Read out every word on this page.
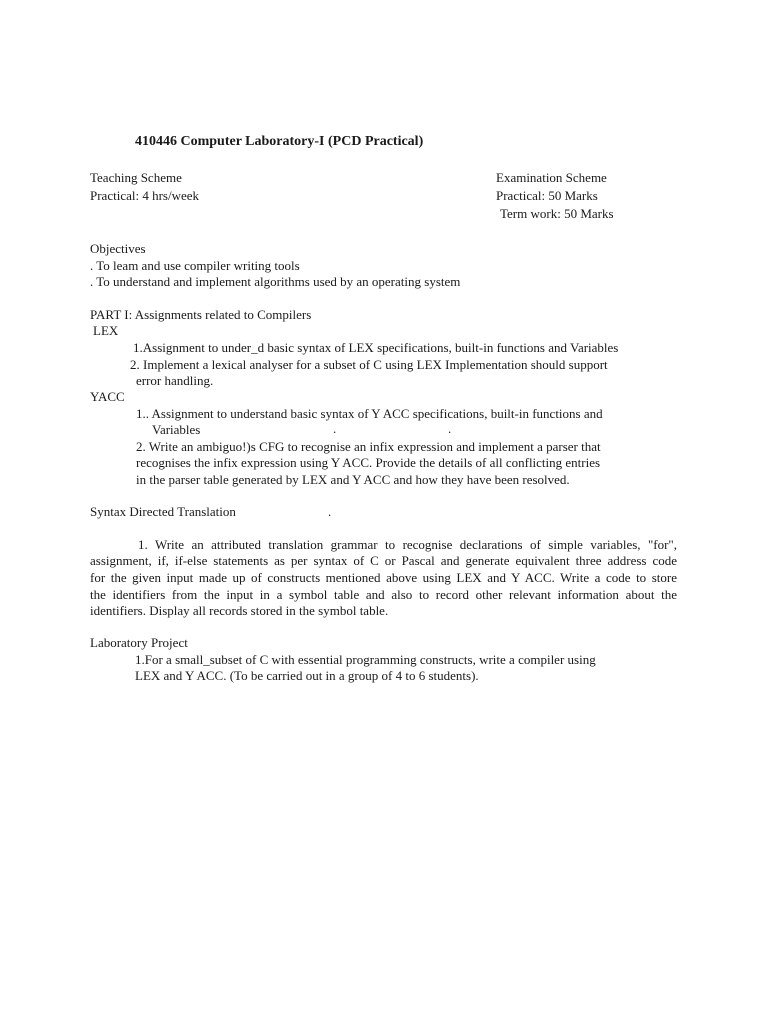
410446 Computer Laboratory-I (PCD Practical)
Teaching Scheme
Practical: 4 hrs/week
Examination Scheme
Practical: 50 Marks
Term work: 50 Marks
Objectives
. To leam and use compiler writing tools
. To understand and implement algorithms used by an operating system
PART I: Assignments related to Compilers
LEX
1.Assignment to under_d basic syntax of LEX specifications, built-in functions and Variables
2. Implement a lexical analyser for a subset of C using LEX Implementation should support
error handling.
YACC
1.. Assignment to understand basic syntax of Y ACC specifications, built-in functions and
Variables	.	.
2. Write an ambiguo!)s CFG to recognise an infix expression and implement a parser that
recognises the infix expression using Y ACC. Provide the details of all conflicting entries
in the parser table generated by LEX and Y ACC and how they have been resolved.
Syntax Directed Translation	.
1. Write an attributed translation grammar to recognise declarations of simple variables, "for",
assignment, if, if-else statements as per syntax of C or Pascal and generate equivalent three address code
for the given input made up of constructs mentioned above using LEX and Y ACC. Write a code to store
the identifiers from the input in a symbol table and also to record other relevant information about the
identifiers. Display all records stored in the symbol table.
Laboratory Project
1.For a small_subset of C with essential programming constructs, write a compiler using
LEX and Y ACC. (To be carried out in a group of 4 to 6 students).
